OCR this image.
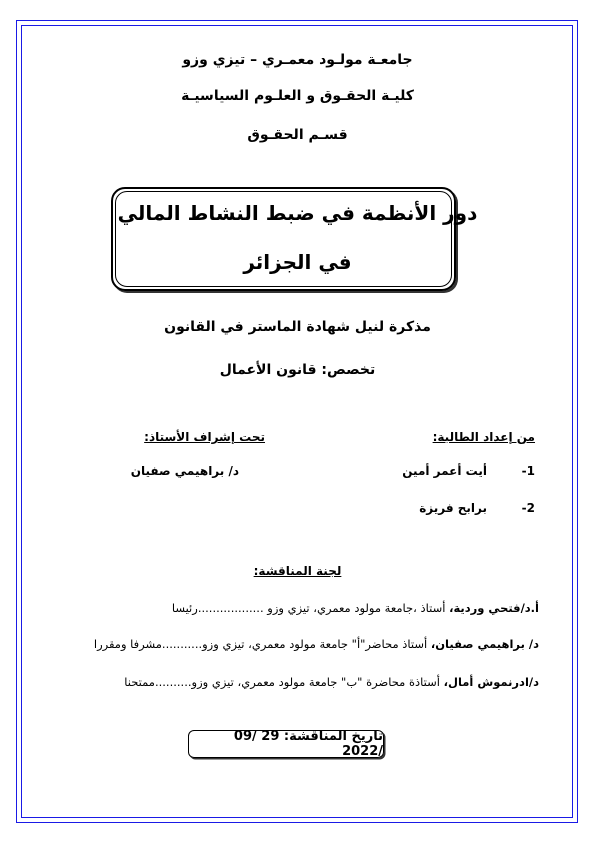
جامعـة مولـود معمـري – تيزي وزو
كليـة الحقـوق و العلـوم السياسيـة
قسـم الحقـوق
دور الأنظمة في ضبط النشاط المالي
في الجزائر
مذكرة لنيل شهادة الماستر في القانون
تخصص: قانون الأعمال
من إعداد الطالبة:
تحت إشراف الأستاذ:
1-أيت أعمر أمين
2-برابح فريزة
د/ براهيمي صفيان
لجنة المناقشة:
أ.د/فتحي وردية، أستاذ ،جامعة مولود معمري، تيزي وزو ..................رئيسا
د/ براهيمي صفيان، أستاذ محاضر"أ" جامعة مولود معمري، تيزي وزو...........مشرفا ومقررا
د/ادرنموش أمال، أستاذة محاضرة "ب" جامعة مولود معمري، تيزي وزو..........ممتحنا
تاريخ المناقشة: 29 /09 /2022
